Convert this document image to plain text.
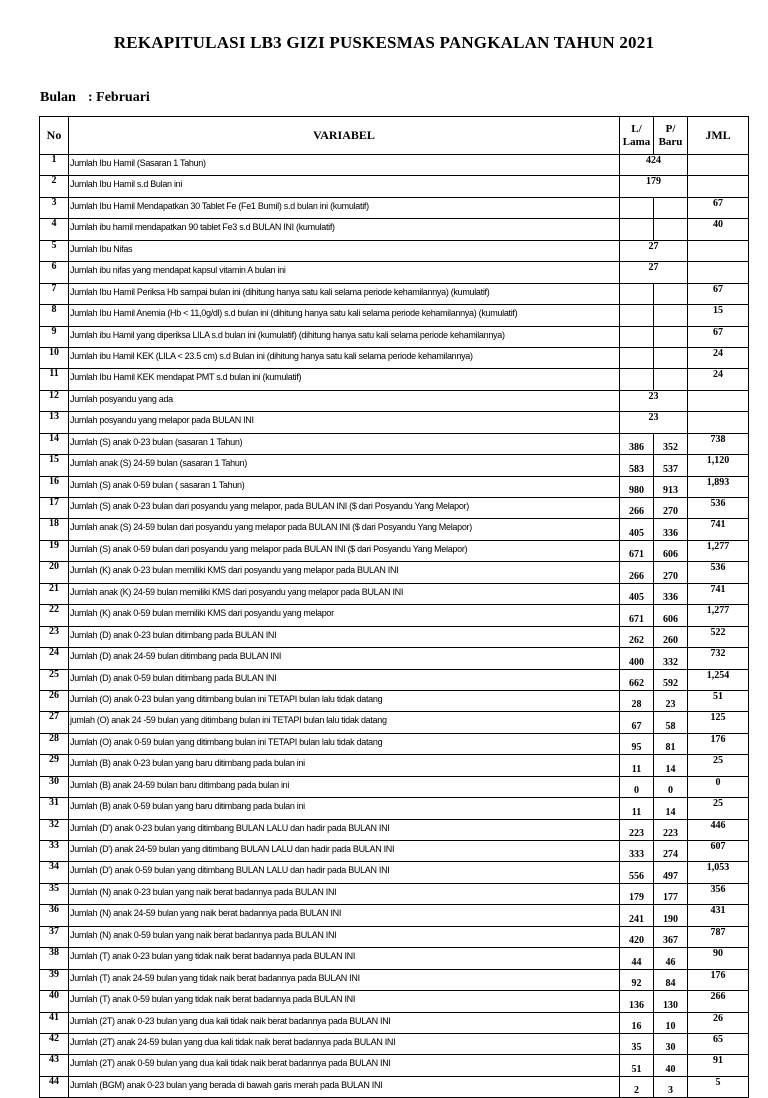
REKAPITULASI LB3 GIZI PUSKESMAS PANGKALAN TAHUN 2021
Bulan : Februari
No	VARIABEL	L/ Lama	P/ Baru	JML
1	Jumlah Ibu Hamil (Sasaran 1 Tahun)	424		
2	Jumlah Ibu Hamil s.d Bulan ini	179		
3	Jumlah Ibu Hamil Mendapatkan 30 Tablet Fe (Fe1 Bumil) s.d bulan ini (kumulatif)			67
4	Jumlah ibu hamil mendapatkan 90 tablet Fe3 s.d BULAN INI (kumulatif)			40
5	Jumlah Ibu Nifas	27		
6	Jumlah ibu nifas yang mendapat kapsul vitamin A bulan ini	27		
7	Jumlah Ibu Hamil Periksa Hb sampai bulan ini (dihitung hanya satu kali selama periode kehamilannya) (kumulatif)			67
8	Jumlah Ibu Hamil Anemia (Hb < 11,0g/dl) s.d bulan ini (dihitung hanya satu kali selama periode kehamilannya) (kumulatif)			15
9	Jumlah ibu Hamil yang diperiksa LILA s.d bulan ini (kumulatif) (dihitung hanya satu kali selama periode kehamilannya)			67
10	Jumlah ibu Hamil KEK (LILA < 23.5 cm) s.d Bulan ini (dihitung hanya satu kali selama periode kehamilannya)			24
11	Jumlah Ibu Hamil KEK mendapat PMT s.d bulan ini (kumulatif)			24
12	Jumlah posyandu yang ada	23		
13	Jumlah posyandu yang melapor pada BULAN INI	23		
14	Jumlah (S) anak 0-23 bulan (sasaran 1 Tahun)	386	352	738
15	Jumlah anak (S) 24-59 bulan (sasaran 1 Tahun)	583	537	1,120
16	Jumlah (S) anak 0-59 bulan ( sasaran 1 Tahun)	980	913	1,893
17	Jumlah (S) anak 0-23 bulan dari posyandu yang melapor, pada BULAN INI ($ dari Posyandu Yang Melapor)	266	270	536
18	Jumlah anak (S) 24-59 bulan dari posyandu yang melapor pada BULAN INI ($ dari Posyandu Yang Melapor)	405	336	741
19	Jumlah (S) anak 0-59 bulan dari posyandu yang melapor pada BULAN INI ($ dari Posyandu Yang Melapor)	671	606	1,277
20	Jumlah (K) anak 0-23 bulan memiliki KMS dari posyandu yang melapor pada BULAN INI	266	270	536
21	Jumlah anak (K) 24-59 bulan memiliki KMS dari posyandu yang melapor pada BULAN INI	405	336	741
22	Jumlah (K) anak 0-59 bulan memiliki KMS dari posyandu yang melapor	671	606	1,277
23	Jumlah (D) anak 0-23 bulan ditimbang pada BULAN INI	262	260	522
24	Jumlah (D) anak 24-59 bulan ditimbang pada BULAN INI	400	332	732
25	Jumlah (D) anak 0-59 bulan ditimbang pada BULAN INI	662	592	1,254
26	Jumlah (O) anak 0-23 bulan yang ditimbang bulan ini TETAPI bulan lalu tidak datang	28	23	51
27	jumlah (O) anak 24 -59 bulan yang ditimbang bulan ini TETAPI bulan lalu tidak datang	67	58	125
28	Jumlah (O) anak 0-59 bulan yang ditimbang bulan ini TETAPI bulan lalu tidak datang	95	81	176
29	Jumlah (B) anak 0-23 bulan yang baru ditimbang pada bulan ini	11	14	25
30	Jumlah (B) anak 24-59 bulan baru ditimbang pada bulan ini	0	0	0
31	Jumlah (B) anak 0-59 bulan yang baru ditimbang pada bulan ini	11	14	25
32	Jumlah (D') anak 0-23 bulan yang ditimbang BULAN LALU dan hadir pada BULAN INI	223	223	446
33	Jumlah (D') anak 24-59 bulan yang ditimbang BULAN LALU dan hadir pada BULAN INI	333	274	607
34	Jumlah (D') anak 0-59 bulan yang ditimbang BULAN LALU dan hadir pada BULAN INI	556	497	1,053
35	Jumlah (N) anak 0-23 bulan yang naik berat badannya pada BULAN INI	179	177	356
36	Jumlah (N) anak 24-59 bulan yang naik berat badannya pada BULAN INI	241	190	431
37	Jumlah (N) anak 0-59 bulan yang naik berat badannya pada BULAN INI	420	367	787
38	Jumlah (T) anak 0-23 bulan yang tidak naik berat badannya pada BULAN INI	44	46	90
39	Jumlah (T) anak 24-59 bulan yang tidak naik berat badannya pada BULAN INI	92	84	176
40	Jumlah (T) anak 0-59 bulan yang tidak naik berat badannya pada BULAN INI	136	130	266
41	Jumlah (2T) anak 0-23 bulan yang dua kali tidak naik berat badannya pada BULAN INI	16	10	26
42	Jumlah (2T) anak 24-59 bulan yang dua kali tidak naik berat badannya pada BULAN INI	35	30	65
43	Jumlah (2T) anak 0-59 bulan yang dua kali tidak naik berat badannya pada BULAN INI	51	40	91
44	Jumlah (BGM) anak 0-23 bulan yang berada di bawah garis merah pada BULAN INI	2	3	5
